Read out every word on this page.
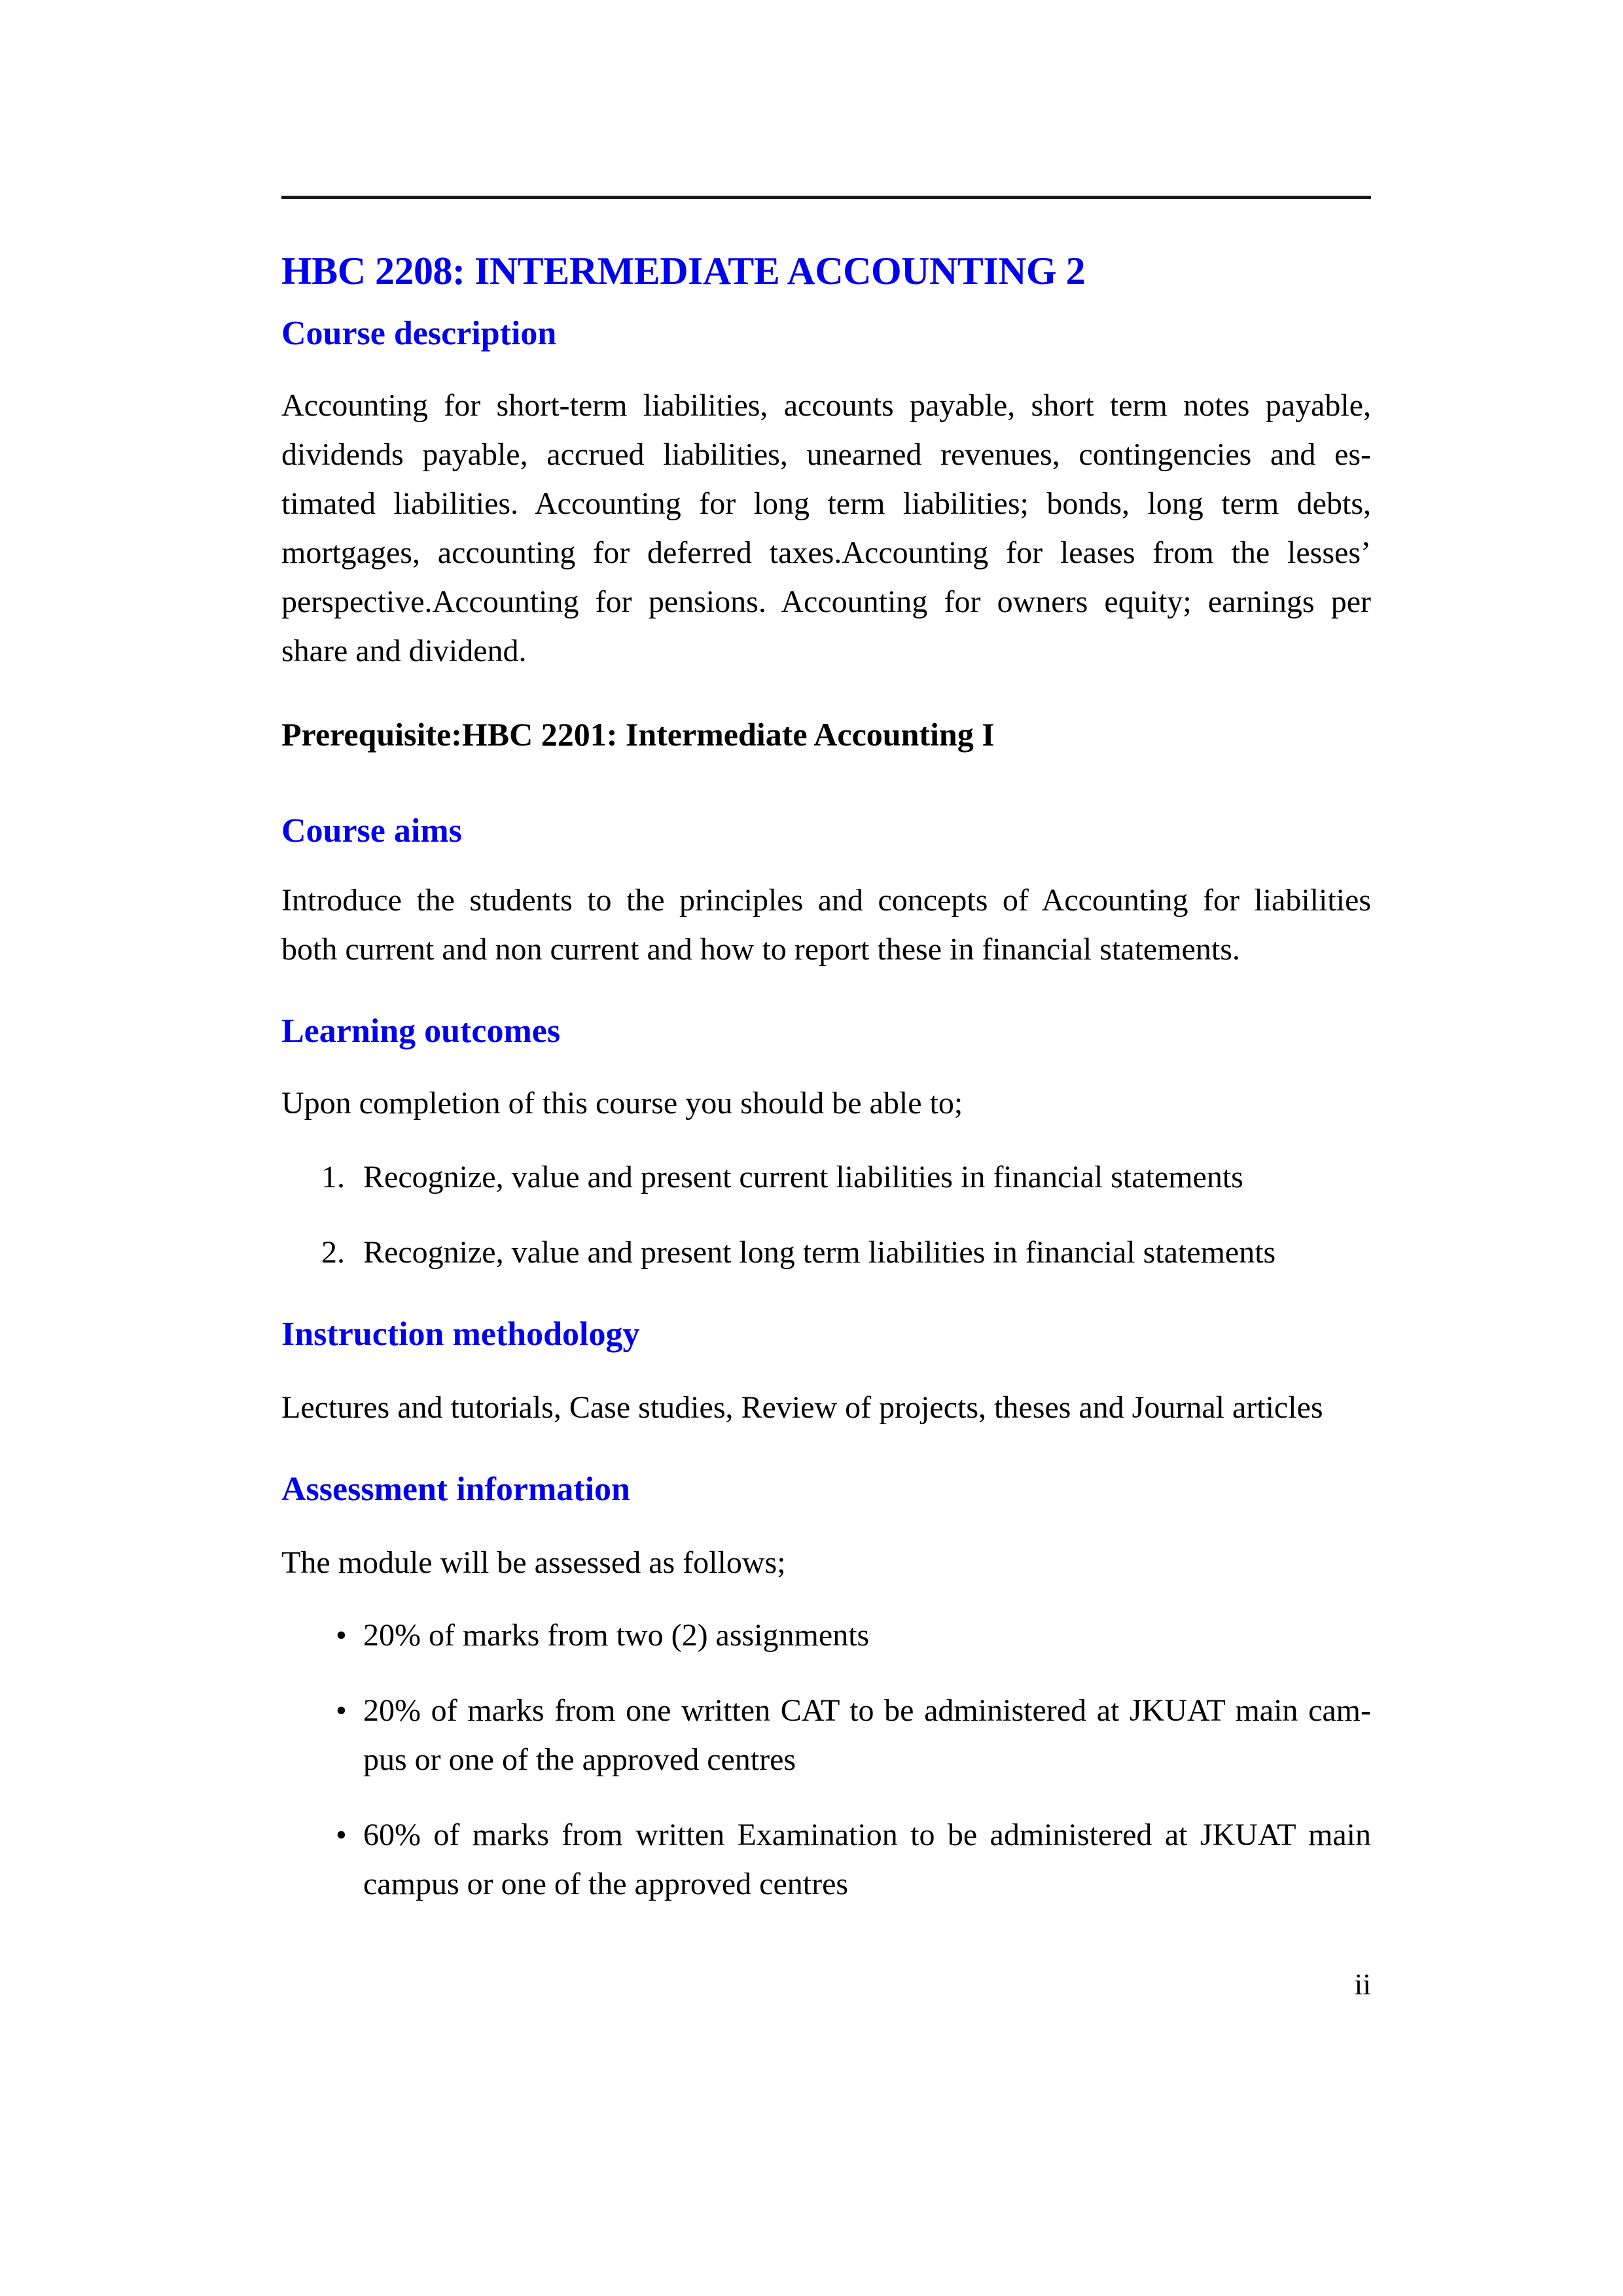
HBC 2208: INTERMEDIATE ACCOUNTING 2
Course description
Accounting for short-term liabilities, accounts payable, short term notes payable,
dividends payable, accrued liabilities, unearned revenues, contingencies and es-
timated liabilities. Accounting for long term liabilities; bonds, long term debts,
mortgages, accounting for deferred taxes.Accounting for leases from the lesses’
perspective.Accounting for pensions. Accounting for owners equity; earnings per
share and dividend.
Prerequisite:HBC 2201: Intermediate Accounting I
Course aims
Introduce the students to the principles and concepts of Accounting for liabilities
both current and non current and how to report these in financial statements.
Learning outcomes
Upon completion of this course you should be able to;
1. Recognize, value and present current liabilities in financial statements
2. Recognize, value and present long term liabilities in financial statements
Instruction methodology
Lectures and tutorials, Case studies, Review of projects, theses and Journal articles
Assessment information
The module will be assessed as follows;
• 20% of marks from two (2) assignments
• 20% of marks from one written CAT to be administered at JKUAT main cam-
pus or one of the approved centres
• 60% of marks from written Examination to be administered at JKUAT main
campus or one of the approved centres
ii
